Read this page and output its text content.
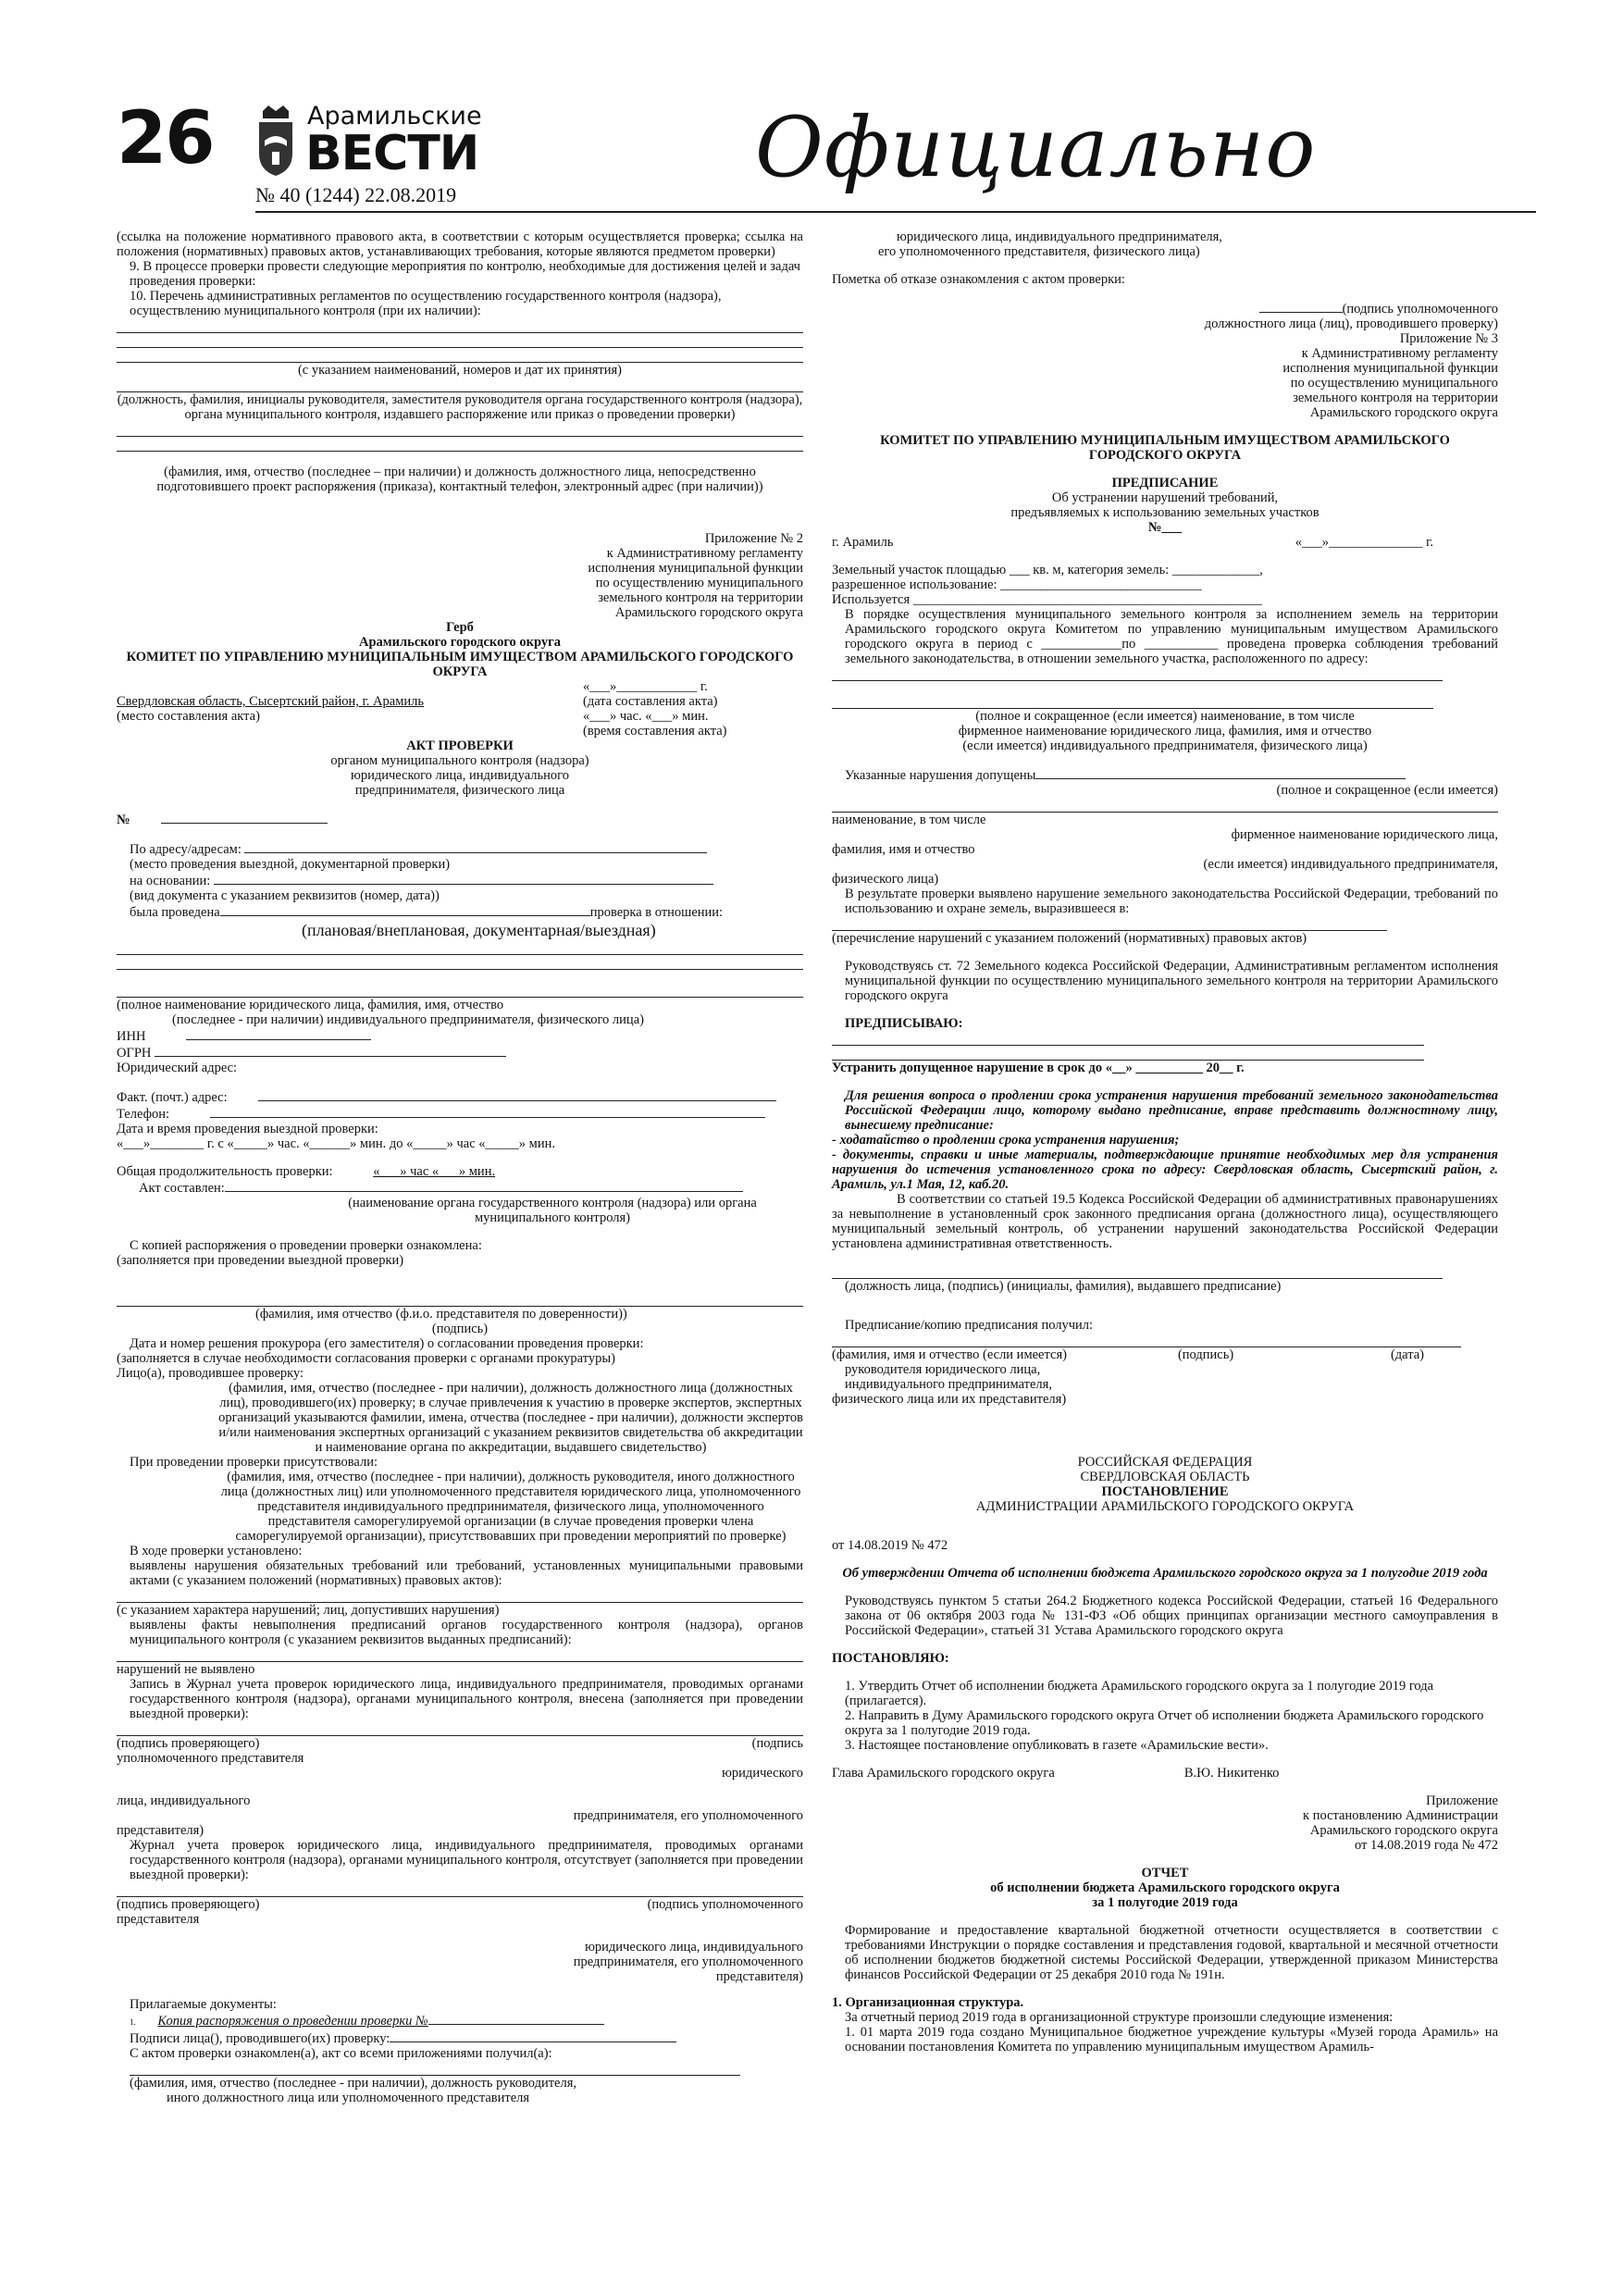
26	Арамильские
ВЕСТИ
№ 40 (1244) 22.08.2019	Официально

(ссылка на положение нормативного правового акта, в соответствии с которым осуществляется проверка; ссылка на положения (нормативных) правовых актов, устанавливающих требования, которые являются предметом проверки)

9. В процессе проверки провести следующие мероприятия по контролю, необходимые для достижения целей и задач проведения проверки:

10. Перечень административных регламентов по осуществлению государственного контроля (надзора), осуществлению муниципального контроля (при их наличии):

(с указанием наименований, номеров и дат их принятия)

(должность, фамилия, инициалы руководителя, заместителя руководителя органа государственного контроля (надзора), органа муниципального контроля, издавшего распоряжение или приказ о проведении проверки)

(фамилия, имя, отчество (последнее – при наличии) и должность должностного лица, непосредственно подготовившего проект распоряжения (приказа), контактный телефон, электронный адрес (при наличии))

Приложение № 2

к Административному регламенту

исполнения муниципальной функции

по осуществлению муниципального

земельного контроля на территории

Арамильского городского округа

Герб

Арамильского городского округа

КОМИТЕТ ПО УПРАВЛЕНИЮ МУНИЦИПАЛЬНЫМ ИМУЩЕСТВОМ АРАМИЛЬСКОГО ГОРОДСКОГО ОКРУГА

«___»____________ г.

Свердловская область, Сысертский район, г. Арамиль	(дата составления акта)

(место составления акта)	«___» час. «___» мин.

(время составления акта)

АКТ ПРОВЕРКИ

органом муниципального контроля (надзора)

юридического лица, индивидуального

предпринимателя, физического лица

№

По адресу/адресам:

(место проведения выездной, документарной проверки)

на основании:

(вид документа с указанием реквизитов (номер, дата))

была проведена	проверка в отношении:

(плановая/внеплановая, документарная/выездная)

(полное наименование юридического лица, фамилия, имя, отчество

(последнее - при наличии) индивидуального предпринимателя, физического лица)

ИНН

ОГРН

Юридический адрес:

Факт. (почт.) адрес:

Телефон:

Дата и время проведения выездной проверки:

«___»________ г. с «_____» час. «______» мин. до «_____» час «_____» мин.

Общая продолжительность проверки:	«___» час «___» мин.

Акт составлен:

(наименование органа государственного контроля (надзора) или органа муниципального контроля)

С копией распоряжения о проведении проверки ознакомлена:

(заполняется при проведении выездной проверки)

(фамилия, имя отчество (ф.и.о. представителя по доверенности))

(подпись)

Дата и номер решения прокурора (его заместителя) о согласовании проведения проверки:

(заполняется в случае необходимости согласования проверки с органами прокуратуры)

Лицо(а), проводившее проверку:

(фамилия, имя, отчество (последнее - при наличии), должность должностного лица (должностных лиц), проводившего(их) проверку; в случае привлечения к участию в проверке экспертов, экспертных организаций указываются фамилии, имена, отчества (последнее - при наличии), должности экспертов и/или наименования экспертных организаций с указанием реквизитов свидетельства об аккредитации и наименование органа по аккредитации, выдавшего свидетельство)

При проведении проверки присутствовали:

(фамилия, имя, отчество (последнее - при наличии), должность руководителя, иного должностного лица (должностных лиц) или уполномоченного представителя юридического лица, уполномоченного представителя индивидуального предпринимателя, физического лица, уполномоченного представителя саморегулируемой организации (в случае проведения проверки члена саморегулируемой организации), присутствовавших при проведении мероприятий по проверке)

В ходе проверки установлено:

выявлены нарушения обязательных требований или требований, установленных муниципальными правовыми актами (с указанием положений (нормативных) правовых актов):

(с указанием характера нарушений; лиц, допустивших нарушения)

выявлены факты невыполнения предписаний органов государственного контроля (надзора), органов муниципального контроля (с указанием реквизитов выданных предписаний):

нарушений не выявлено

Запись в Журнал учета проверок юридического лица, индивидуального предпринимателя, проводимых органами государственного контроля (надзора), органами муниципального контроля, внесена (заполняется при проведении выездной проверки):

(подпись проверяющего)	(подпись

уполномоченного представителя

юридического

лица, индивидуального

предпринимателя, его уполномоченного

представителя)

Журнал учета проверок юридического лица, индивидуального предпринимателя, проводимых органами государственного контроля (надзора), органами муниципального контроля, отсутствует (заполняется при проведении выездной проверки):

(подпись проверяющего)	(подпись уполномоченного

представителя

юридического лица, индивидуального

предпринимателя, его уполномоченного

представителя)

Прилагаемые документы:

1. Копия распоряжения о проведении проверки №

Подписи лица(), проводившего(их) проверку:

С актом проверки ознакомлен(а), акт со всеми приложениями получил(а):

(фамилия, имя, отчество (последнее - при наличии), должность руководителя,

иного должностного лица или уполномоченного представителя

юридического лица, индивидуального предпринимателя,

его уполномоченного представителя, физического лица)

Пометка об отказе ознакомления с актом проверки:

(подпись уполномоченного

должностного лица (лиц), проводившего проверку)

Приложение № 3

к Административному регламенту

исполнения муниципальной функции

по осуществлению муниципального

земельного контроля на территории

Арамильского городского округа

КОМИТЕТ ПО УПРАВЛЕНИЮ МУНИЦИПАЛЬНЫМ ИМУЩЕСТВОМ АРАМИЛЬСКОГО ГОРОДСКОГО ОКРУГА

ПРЕДПИСАНИЕ

Об устранении нарушений требований,

предъявляемых к использованию земельных участков

№___

г. Арамиль	«___»______________ г.

Земельный участок площадью ___ кв. м, категория земель: _____________,

разрешенное использование: ______________________________

Используется ____________________________________________________

В порядке осуществления муниципального земельного контроля за исполнением земель на территории Арамильского городского округа Комитетом по управлению муниципальным имуществом Арамильского городского округа в период с ____________по ___________ проведена проверка соблюдения требований земельного законодательства, в отношении земельного участка, расположенного по адресу:

(полное и сокращенное (если имеется) наименование, в том числе

фирменное наименование юридического лица, фамилия, имя и отчество

(если имеется) индивидуального предпринимателя, физического лица)

Указанные нарушения допущены

(полное и сокращенное (если имеется)

наименование, в том числе

фирменное наименование юридического лица,

фамилия, имя и отчество

(если имеется) индивидуального предпринимателя,

физического лица)

В результате проверки выявлено нарушение земельного законодательства Российской Федерации, требований по использованию и охране земель, выразившееся в:

(перечисление нарушений с указанием положений (нормативных) правовых актов)

Руководствуясь ст. 72 Земельного кодекса Российской Федерации, Административным регламентом исполнения муниципальной функции по осуществлению муниципального земельного контроля на территории Арамильского городского округа

ПРЕДПИСЫВАЮ:

Устранить допущенное нарушение в срок до «__» __________ 20__ г.

Для решения вопроса о продлении срока устранения нарушения требований земельного законодательства Российской Федерации лицо, которому выдано предписание, вправе представить должностному лицу, вынесшему предписание:

- ходатайство о продлении срока устранения нарушения;

- документы, справки и иные материалы, подтверждающие принятие необходимых мер для устранения нарушения до истечения установленного срока по адресу: Свердловская область, Сысертский район, г. Арамиль, ул.1 Мая, 12, каб.20.

В соответствии со статьей 19.5 Кодекса Российской Федерации об административных правонарушениях за невыполнение в установленный срок законного предписания органа (должностного лица), осуществляющего муниципальный земельный контроль, об устранении нарушений законодательства Российской Федерации установлена административная ответственность.

(должность лица, (подпись) (инициалы, фамилия), выдавшего предписание)

Предписание/копию предписания получил:

(фамилия, имя и отчество (если имеется)	(подпись)	(дата)

руководителя юридического лица,

индивидуального предпринимателя,

физического лица или их представителя)

РОССИЙСКАЯ ФЕДЕРАЦИЯ

СВЕРДЛОВСКАЯ ОБЛАСТЬ

ПОСТАНОВЛЕНИЕ

АДМИНИСТРАЦИИ АРАМИЛЬСКОГО ГОРОДСКОГО ОКРУГА

от 14.08.2019 № 472

Об утверждении Отчета об исполнении бюджета Арамильского городского округа за 1 полугодие 2019 года

Руководствуясь пунктом 5 статьи 264.2 Бюджетного кодекса Российской Федерации, статьей 16 Федерального закона от 06 октября 2003 года № 131-ФЗ «Об общих принципах организации местного самоуправления в Российской Федерации», статьей 31 Устава Арамильского городского округа

ПОСТАНОВЛЯЮ:

1. Утвердить Отчет об исполнении бюджета Арамильского городского округа за 1 полугодие 2019 года (прилагается).

2. Направить в Думу Арамильского городского округа Отчет об исполнении бюджета Арамильского городского округа за 1 полугодие 2019 года.

3. Настоящее постановление опубликовать в газете «Арамильские вести».

Глава Арамильского городского округа	В.Ю. Никитенко

Приложение

к постановлению Администрации

Арамильского городского округа

от 14.08.2019 года № 472

ОТЧЕТ

об исполнении бюджета Арамильского городского округа

за 1 полугодие 2019 года

Формирование и предоставление квартальной бюджетной отчетности осуществляется в соответствии с требованиями Инструкции о порядке составления и представления годовой, квартальной и месячной отчетности об исполнении бюджетов бюджетной системы Российской Федерации, утвержденной приказом Министерства финансов Российской Федерации от 25 декабря 2010 года № 191н.

1. Организационная структура.

За отчетный период 2019 года в организационной структуре произошли следующие изменения:

1. 01 марта 2019 года создано Муниципальное бюджетное учреждение культуры «Музей города Арамиль» на основании постановления Комитета по управлению муниципальным имуществом Арамиль-
